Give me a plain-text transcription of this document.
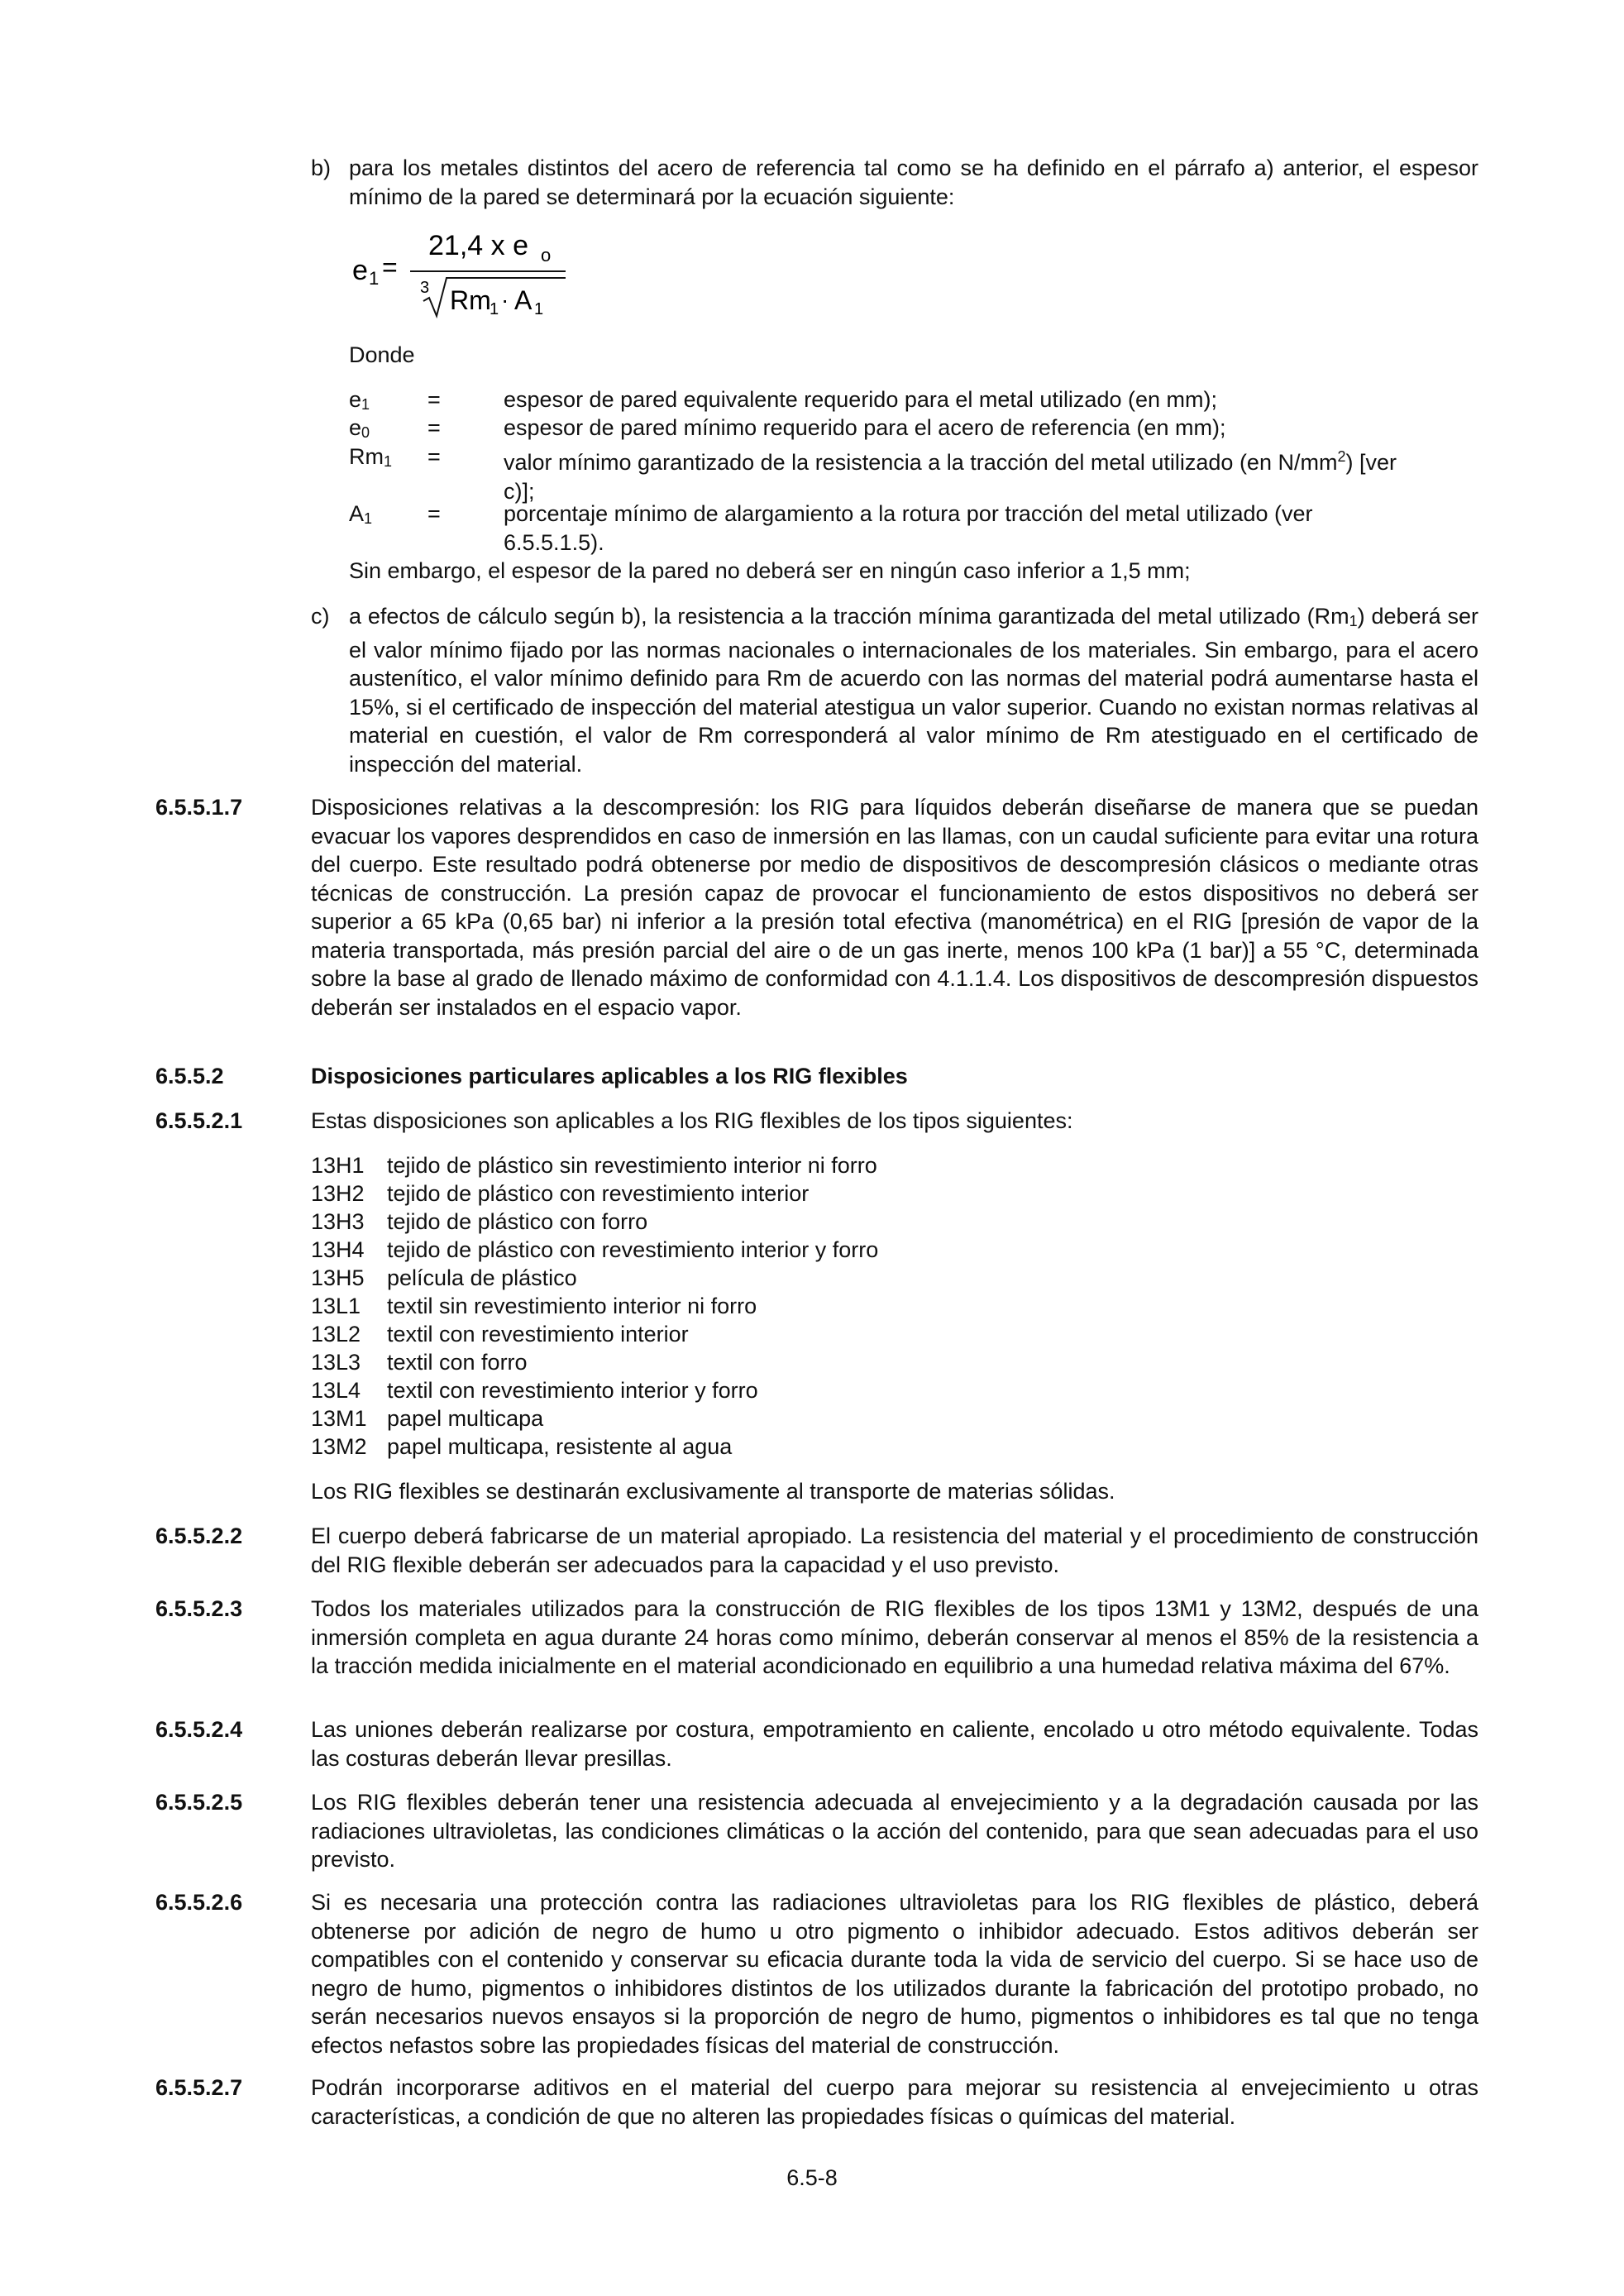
b) para los metales distintos del acero de referencia tal como se ha definido en el párrafo a) anterior, el espesor mínimo de la pared se determinará por la ecuación siguiente:
e 1 =
21,4 x e o
3 Rm
1 · A 1
Donde
$e_1$	=	espesor de pared equivalente requerido para el metal utilizado (en mm);
$e_0$	=	espesor de pared mínimo requerido para el acero de referencia (en mm);
$Rm_1$ =	valor mínimo garantizado de la resistencia a la tracción del metal utilizado (en $N/mm^2$) [ver
c)];
$A_1$ =	porcentaje mínimo de alargamiento a la rotura por tracción del metal utilizado (ver
6.5.5.1.5).
Sin embargo, el espesor de la pared no deberá ser en ningún caso inferior a 1,5 mm;
c) a efectos de cálculo según b), la resistencia a la tracción mínima garantizada del metal utilizado $(Rm_1)$ deberá ser el valor mínimo fijado por las normas nacionales o internacionales de los materiales. Sin embargo, para el acero austenítico, el valor mínimo definido para Rm de acuerdo con las normas del material podrá aumentarse hasta el 15%, si el certificado de inspección del material atestigua un valor superior. Cuando no existan normas relativas al material en cuestión, el valor de Rm corresponderá al valor mínimo de Rm atestiguado en el certificado de inspección del material.
6.5.5.1.7	Disposiciones relativas a la descompresión: los RIG para líquidos deberán diseñarse de manera que se puedan evacuar los vapores desprendidos en caso de inmersión en las llamas, con un caudal suficiente para evitar una rotura del cuerpo. Este resultado podrá obtenerse por medio de dispositivos de descompresión clásicos o mediante otras técnicas de construcción. La presión capaz de provocar el funcionamiento de estos dispositivos no deberá ser superior a 65 kPa (0,65 bar) ni inferior a la presión total efectiva (manométrica) en el RIG [presión de vapor de la materia transportada, más presión parcial del aire o de un gas inerte, menos 100 kPa (1 bar)] a 55 °C, determinada sobre la base al grado de llenado máximo de conformidad con 4.1.1.4. Los dispositivos de descompresión dispuestos deberán ser instalados en el espacio vapor.
6.5.5.2	Disposiciones particulares aplicables a los RIG flexibles
6.5.5.2.1	Estas disposiciones son aplicables a los RIG flexibles de los tipos siguientes:
13H1 tejido de plástico sin revestimiento interior ni forro
13H2 tejido de plástico con revestimiento interior
13H3 tejido de plástico con forro
13H4 tejido de plástico con revestimiento interior y forro
13H5 película de plástico
13L1 textil sin revestimiento interior ni forro
13L2 textil con revestimiento interior
13L3 textil con forro
13L4 textil con revestimiento interior y forro
13M1 papel multicapa
13M2 papel multicapa, resistente al agua
Los RIG flexibles se destinarán exclusivamente al transporte de materias sólidas.
6.5.5.2.2	El cuerpo deberá fabricarse de un material apropiado. La resistencia del material y el procedimiento de construcción del RIG flexible deberán ser adecuados para la capacidad y el uso previsto.
6.5.5.2.3	Todos los materiales utilizados para la construcción de RIG flexibles de los tipos 13M1 y 13M2, después de una inmersión completa en agua durante 24 horas como mínimo, deberán conservar al menos el 85% de la resistencia a la tracción medida inicialmente en el material acondicionado en equilibrio a una humedad relativa máxima del 67%.
6.5.5.2.4	Las uniones deberán realizarse por costura, empotramiento en caliente, encolado u otro método equivalente. Todas las costuras deberán llevar presillas.
6.5.5.2.5	Los RIG flexibles deberán tener una resistencia adecuada al envejecimiento y a la degradación causada por las radiaciones ultravioletas, las condiciones climáticas o la acción del contenido, para que sean adecuadas para el uso previsto.
6.5.5.2.6	Si es necesaria una protección contra las radiaciones ultravioletas para los RIG flexibles de plástico, deberá obtenerse por adición de negro de humo u otro pigmento o inhibidor adecuado. Estos aditivos deberán ser compatibles con el contenido y conservar su eficacia durante toda la vida de servicio del cuerpo. Si se hace uso de negro de humo, pigmentos o inhibidores distintos de los utilizados durante la fabricación del prototipo probado, no serán necesarios nuevos ensayos si la proporción de negro de humo, pigmentos o inhibidores es tal que no tenga efectos nefastos sobre las propiedades físicas del material de construcción.
6.5.5.2.7	Podrán incorporarse aditivos en el material del cuerpo para mejorar su resistencia al envejecimiento u otras características, a condición de que no alteren las propiedades físicas o químicas del material.
6.5-8
